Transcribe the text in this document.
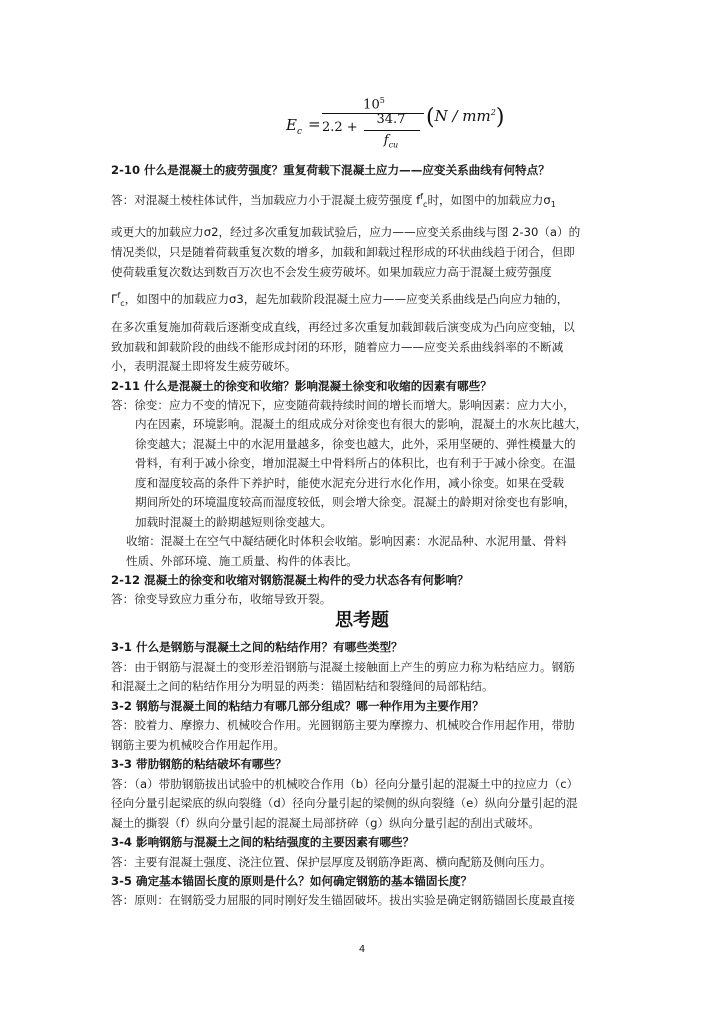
$E_c$ =
$10^5$
2.2 +
34.7
$f_{cu}$
$(N / mm^2)$
2-10 什么是混凝土的疲劳强度？重复荷载下混凝土应力——应变关系曲线有何特点？
答：对混凝土棱柱体试件，当加载应力小于混凝土疲劳强度 $f^f_c$时，如图中的加载应力$\sigma_1$
或更大的加载应力σ2，经过多次重复加载试验后，应力——应变关系曲线与图 2-30（a）的
情况类似，只是随着荷载重复次数的增多，加载和卸载过程形成的环状曲线趋于闭合，但即
使荷载重复次数达到数百万次也不会发生疲劳破坏。如果加载应力高于混凝土疲劳强度
$\Gamma^f_c$，如图中的加载应力σ3，起先加载阶段混凝土应力——应变关系曲线是凸向应力轴的，
在多次重复施加荷载后逐渐变成直线，再经过多次重复加载卸载后演变成为凸向应变轴，以
致加载和卸载阶段的曲线不能形成封闭的环形，随着应力——应变关系曲线斜率的不断减
小，表明混凝土即将发生疲劳破坏。
2-11 什么是混凝土的徐变和收缩？影响混凝土徐变和收缩的因素有哪些？
答：徐变：应力不变的情况下，应变随荷载持续时间的增长而增大。影响因素：应力大小，
内在因素，环境影响。混凝土的组成成分对徐变也有很大的影响，混凝土的水灰比越大，
徐变越大；混凝土中的水泥用量越多，徐变也越大，此外，采用坚硬的、弹性模量大的
骨料，有利于减小徐变，增加混凝土中骨料所占的体积比，也有利于于减小徐变。在温
度和湿度较高的条件下养护时，能使水泥充分进行水化作用，减小徐变。如果在受载
期间所处的环境温度较高而湿度较低，则会增大徐变。混凝土的龄期对徐变也有影响，
加载时混凝土的龄期越短则徐变越大。
收缩：混凝土在空气中凝结硬化时体积会收缩。影响因素：水泥品种、水泥用量、骨料
性质、外部环境、施工质量、构件的体表比。
2-12 混凝土的徐变和收缩对钢筋混凝土构件的受力状态各有何影响？
答：徐变导致应力重分布，收缩导致开裂。
思考题
3-1 什么是钢筋与混凝土之间的粘结作用？有哪些类型？
答：由于钢筋与混凝土的变形差沿钢筋与混凝土接触面上产生的剪应力称为粘结应力。钢筋
和混凝土之间的粘结作用分为明显的两类：锚固粘结和裂缝间的局部粘结。
3-2 钢筋与混凝土间的粘结力有哪几部分组成？哪一种作用为主要作用？
答：胶着力、摩擦力、机械咬合作用。光圆钢筋主要为摩擦力、机械咬合作用起作用，带肋
钢筋主要为机械咬合作用起作用。
3-3 带肋钢筋的粘结破坏有哪些？
答：（a）带肋钢筋拔出试验中的机械咬合作用（b）径向分量引起的混凝土中的拉应力（c）
径向分量引起梁底的纵向裂缝（d）径向分量引起的梁侧的纵向裂缝（e）纵向分量引起的混
凝土的撕裂（f）纵向分量引起的混凝土局部挤碎（g）纵向分量引起的刮出式破坏。
3-4 影响钢筋与混凝土之间的粘结强度的主要因素有哪些？
答：主要有混凝土强度、浇注位置、保护层厚度及钢筋净距离、横向配筋及侧向压力。
3-5 确定基本锚固长度的原则是什么？如何确定钢筋的基本锚固长度？
答：原则：在钢筋受力屈服的同时刚好发生锚固破坏。拔出实验是确定钢筋锚固长度最直接
4
